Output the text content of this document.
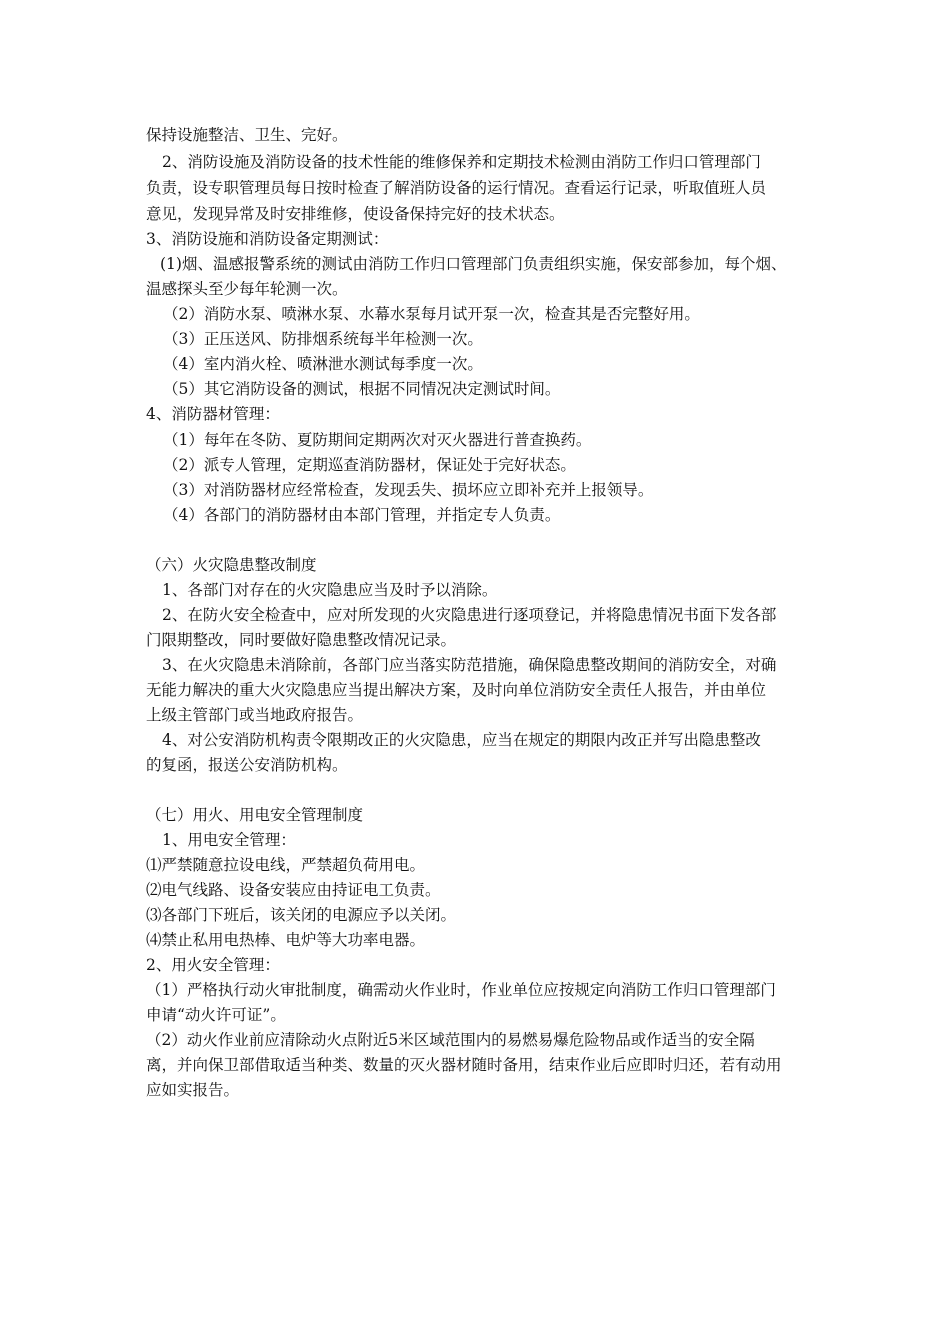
保持设施整洁、卫生、完好。
2、消防设施及消防设备的技术性能的维修保养和定期技术检测由消防工作归口管理部门
负责，设专职管理员每日按时检查了解消防设备的运行情况。查看运行记录，听取值班人员
意见，发现异常及时安排维修，使设备保持完好的技术状态。
3、消防设施和消防设备定期测试：
(1)烟、温感报警系统的测试由消防工作归口管理部门负责组织实施，保安部参加，每个烟、
温感探头至少每年轮测一次。
（2）消防水泵、喷淋水泵、水幕水泵每月试开泵一次，检查其是否完整好用。
（3）正压送风、防排烟系统每半年检测一次。
（4）室内消火栓、喷淋泄水测试每季度一次。
（5）其它消防设备的测试，根据不同情况决定测试时间。
4、消防器材管理：
（1）每年在冬防、夏防期间定期两次对灭火器进行普查换药。
（2）派专人管理，定期巡查消防器材，保证处于完好状态。
（3）对消防器材应经常检查，发现丢失、损坏应立即补充并上报领导。
（4）各部门的消防器材由本部门管理，并指定专人负责。
（六）火灾隐患整改制度
1、各部门对存在的火灾隐患应当及时予以消除。
2、在防火安全检查中，应对所发现的火灾隐患进行逐项登记，并将隐患情况书面下发各部
门限期整改，同时要做好隐患整改情况记录。
3、在火灾隐患未消除前，各部门应当落实防范措施，确保隐患整改期间的消防安全，对确
无能力解决的重大火灾隐患应当提出解决方案，及时向单位消防安全责任人报告，并由单位
上级主管部门或当地政府报告。
4、对公安消防机构责令限期改正的火灾隐患，应当在规定的期限内改正并写出隐患整改
的复函，报送公安消防机构。
（七）用火、用电安全管理制度
1、用电安全管理：
⑴严禁随意拉设电线，严禁超负荷用电。
⑵电气线路、设备安装应由持证电工负责。
⑶各部门下班后，该关闭的电源应予以关闭。
⑷禁止私用电热棒、电炉等大功率电器。
2、用火安全管理：
（1）严格执行动火审批制度，确需动火作业时，作业单位应按规定向消防工作归口管理部门
申请“动火许可证”。
（2）动火作业前应清除动火点附近5米区域范围内的易燃易爆危险物品或作适当的安全隔
离，并向保卫部借取适当种类、数量的灭火器材随时备用，结束作业后应即时归还，若有动用
应如实报告。
